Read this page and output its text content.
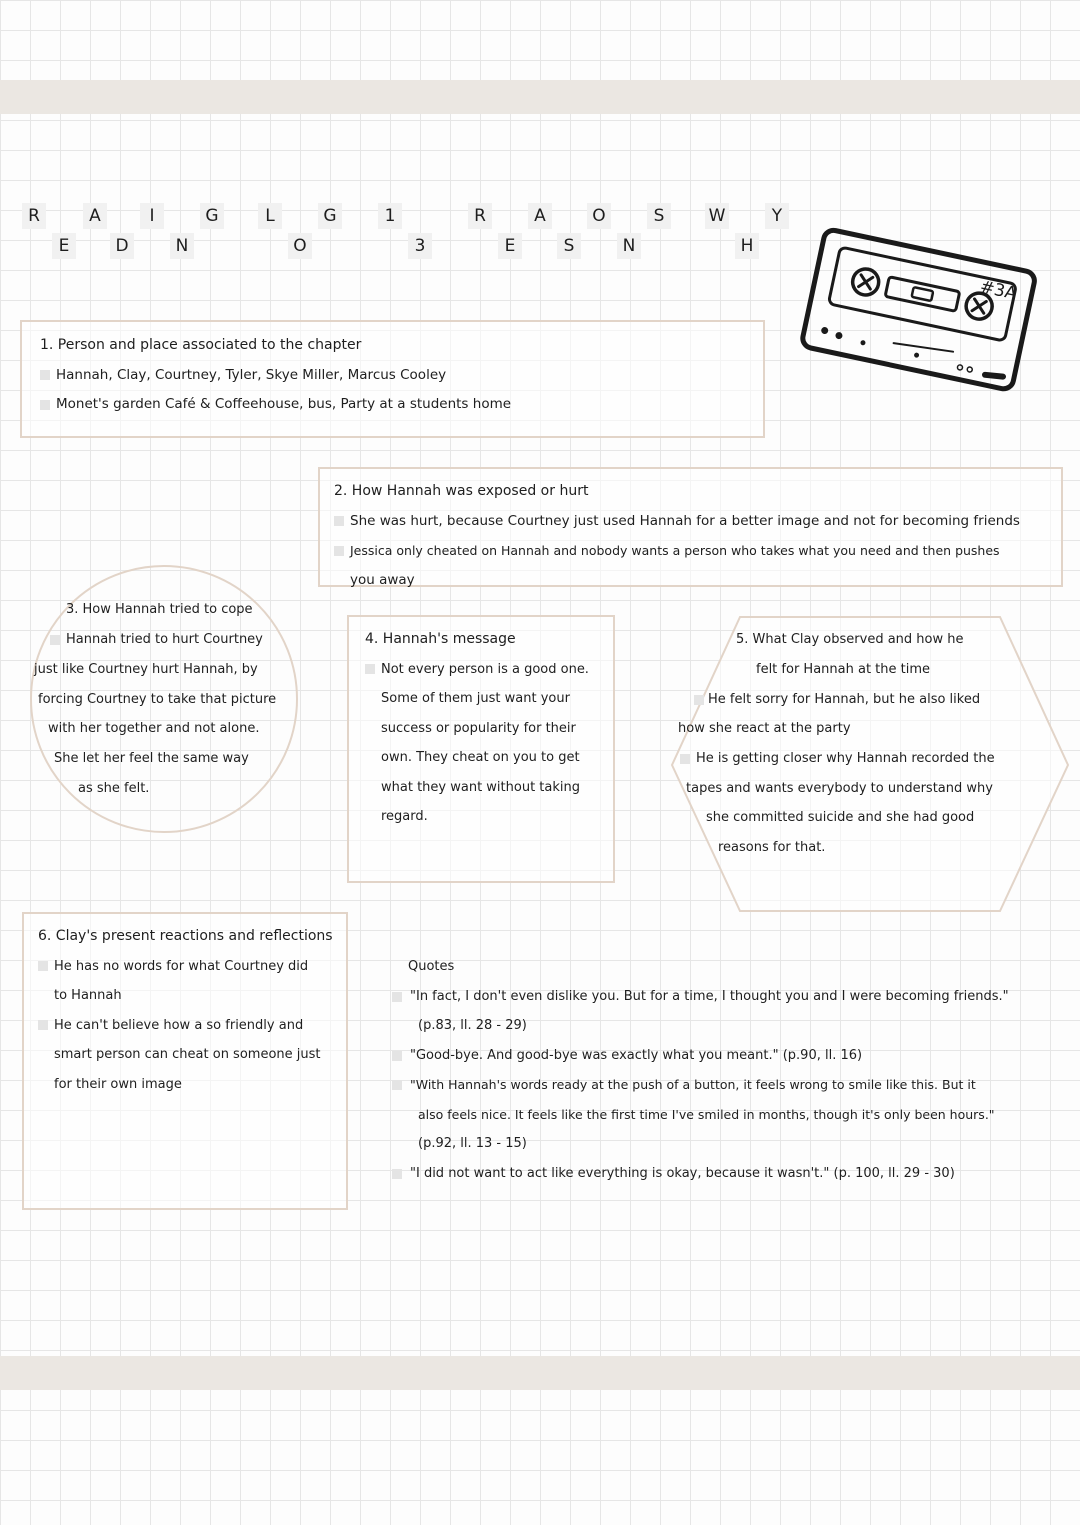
R	A	I	G	L	G	1	R	A	O	S	W	Y
E	D	N	O	3	E	S	N	H
#3A
1. Person and place associated to the chapter
Hannah, Clay, Courtney, Tyler, Skye Miller, Marcus Cooley
Monet's garden Café & Coffeehouse, bus, Party at a students home
2. How Hannah was exposed or hurt
She was hurt, because Courtney just used Hannah for a better image and not for becoming friends
Jessica only cheated on Hannah and nobody wants a person who takes what you need and then pushes
you away
3. How Hannah tried to cope
Hannah tried to hurt Courtney
just like Courtney hurt Hannah, by
forcing Courtney to take that picture
with her together and not alone.
She let her feel the same way
as she felt.
4. Hannah's message
Not every person is a good one.
Some of them just want your
success or popularity for their
own. They cheat on you to get
what they want without taking
regard.
5. What Clay observed and how he
felt for Hannah at the time
He felt sorry for Hannah, but he also liked
how she react at the party
He is getting closer why Hannah recorded the
tapes and wants everybody to understand why
she committed suicide and she had good
reasons for that.
6. Clay's present reactions and reflections
He has no words for what Courtney did
to Hannah
He can't believe how a so friendly and
smart person can cheat on someone just
for their own image
Quotes
"In fact, I don't even dislike you. But for a time, I thought you and I were becoming friends."
(p.83, ll. 28 - 29)
"Good-bye. And good-bye was exactly what you meant." (p.90, ll. 16)
"With Hannah's words ready at the push of a button, it feels wrong to smile like this. But it
also feels nice. It feels like the first time I've smiled in months, though it's only been hours."
(p.92, ll. 13 - 15)
"I did not want to act like everything is okay, because it wasn't." (p. 100, ll. 29 - 30)
